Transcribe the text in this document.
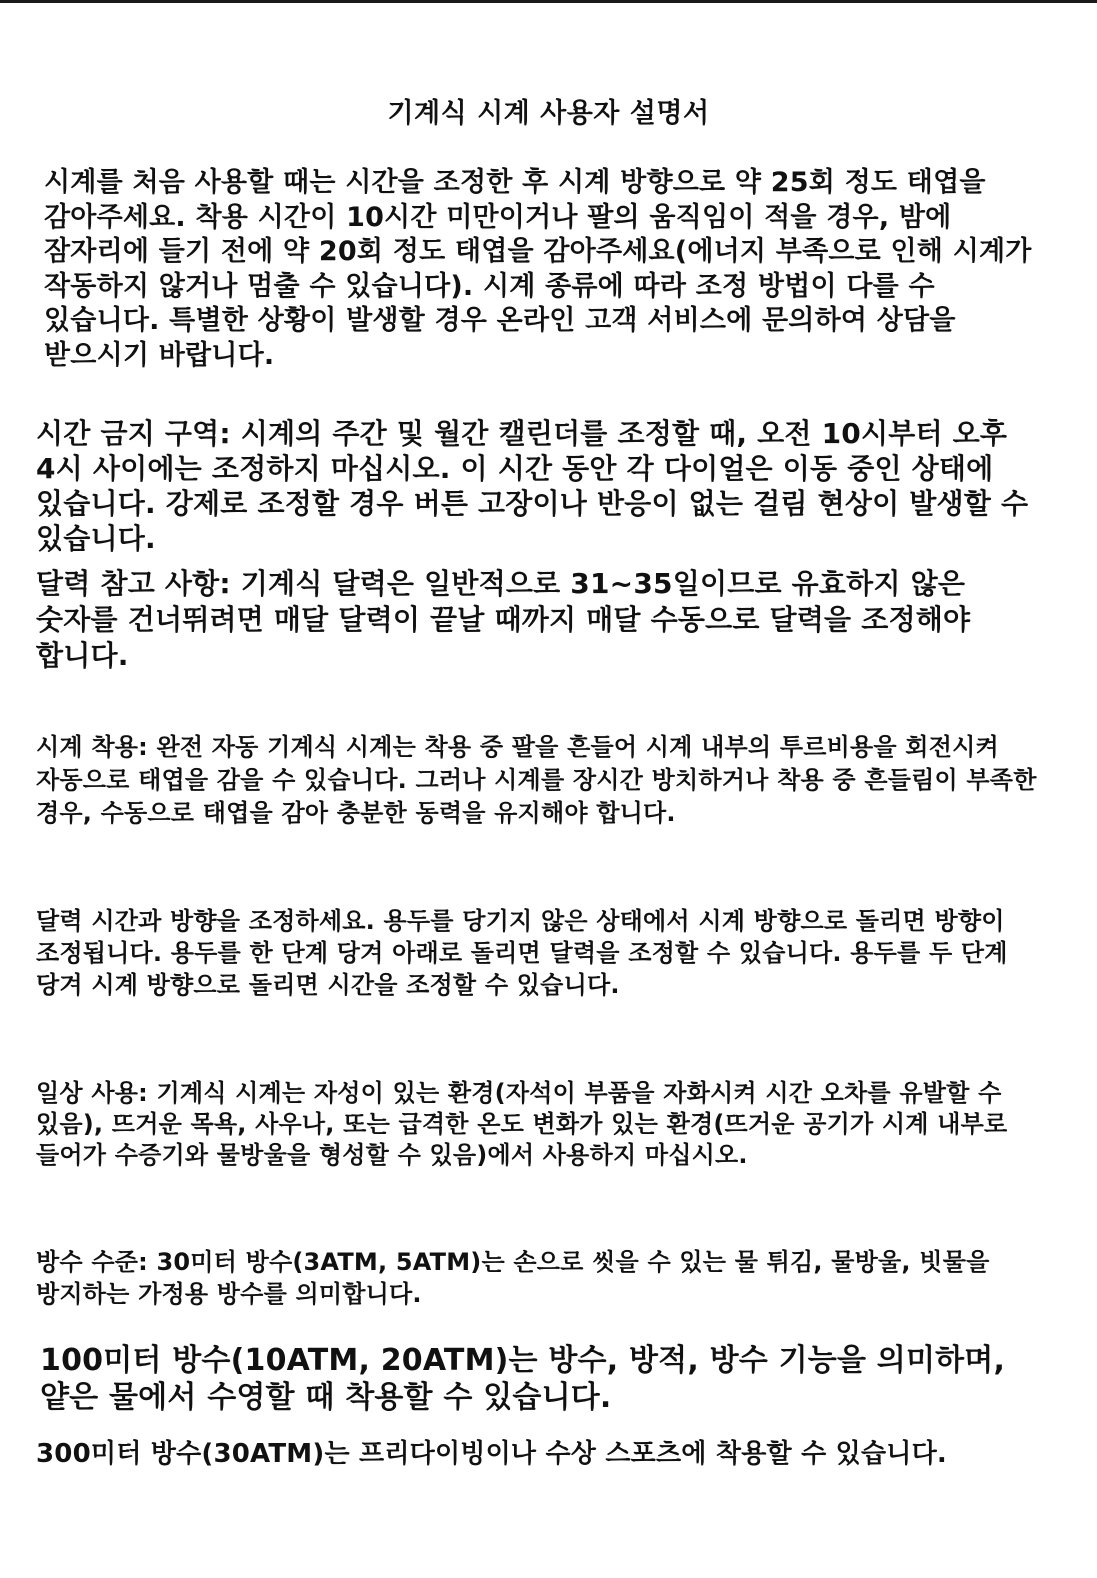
기계식 시계 사용자 설명서

시계를 처음 사용할 때는 시간을 조정한 후 시계 방향으로 약 25회 정도 태엽을 감아주세요. 착용 시간이 10시간 미만이거나 팔의 움직임이 적을 경우, 밤에 잠자리에 들기 전에 약 20회 정도 태엽을 감아주세요(에너지 부족으로 인해 시계가 작동하지 않거나 멈출 수 있습니다). 시계 종류에 따라 조정 방법이 다를 수 있습니다. 특별한 상황이 발생할 경우 온라인 고객 서비스에 문의하여 상담을 받으시기 바랍니다.

시간 금지 구역: 시계의 주간 및 월간 캘린더를 조정할 때, 오전 10시부터 오후 4시 사이에는 조정하지 마십시오. 이 시간 동안 각 다이얼은 이동 중인 상태에 있습니다. 강제로 조정할 경우 버튼 고장이나 반응이 없는 걸림 현상이 발생할 수 있습니다.

달력 참고 사항: 기계식 달력은 일반적으로 31~35일이므로 유효하지 않은 숫자를 건너뛰려면 매달 달력이 끝날 때까지 매달 수동으로 달력을 조정해야 합니다.

시계 착용: 완전 자동 기계식 시계는 착용 중 팔을 흔들어 시계 내부의 투르비용을 회전시켜 자동으로 태엽을 감을 수 있습니다. 그러나 시계를 장시간 방치하거나 착용 중 흔들림이 부족한 경우, 수동으로 태엽을 감아 충분한 동력을 유지해야 합니다.

달력 시간과 방향을 조정하세요. 용두를 당기지 않은 상태에서 시계 방향으로 돌리면 방향이 조정됩니다. 용두를 한 단계 당겨 아래로 돌리면 달력을 조정할 수 있습니다. 용두를 두 단계 당겨 시계 방향으로 돌리면 시간을 조정할 수 있습니다.

일상 사용: 기계식 시계는 자성이 있는 환경(자석이 부품을 자화시켜 시간 오차를 유발할 수 있음), 뜨거운 목욕, 사우나, 또는 급격한 온도 변화가 있는 환경(뜨거운 공기가 시계 내부로 들어가 수증기와 물방울을 형성할 수 있음)에서 사용하지 마십시오.

방수 수준: 30미터 방수(3ATM, 5ATM)는 손으로 씻을 수 있는 물 튀김, 물방울, 빗물을 방지하는 가정용 방수를 의미합니다.

100미터 방수(10ATM, 20ATM)는 방수, 방적, 방수 기능을 의미하며, 얕은 물에서 수영할 때 착용할 수 있습니다.

300미터 방수(30ATM)는 프리다이빙이나 수상 스포츠에 착용할 수 있습니다.
